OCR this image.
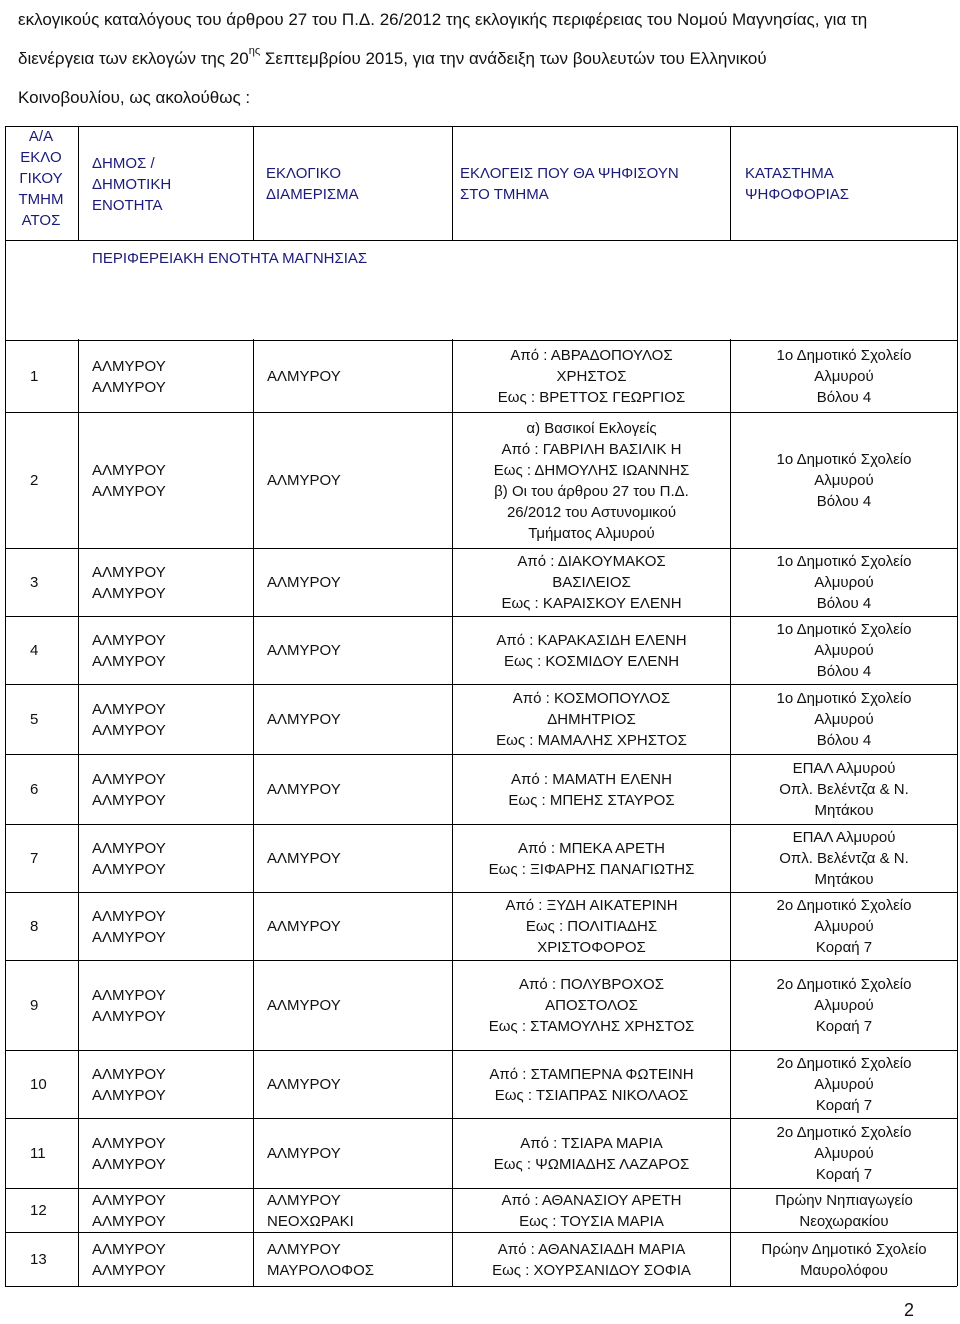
εκλογικούς καταλόγους του άρθρου 27 του Π.Δ. 26/2012 της εκλογικής περιφέρειας του Νομού Μαγνησίας, για τη
διενέργεια των εκλογών της $20^{\eta\varsigma}$ Σεπτεμβρίου 2015, για την ανάδειξη των βουλευτών του Ελληνικού
Κοινοβουλίου, ως ακολούθως :
1
ΑΛΜΥΡΟΥ
ΑΛΜΥΡΟΥ
ΑΛΜΥΡΟΥ
Από : ΑΒΡΑΔΟΠΟΥΛΟΣ
ΧΡΗΣΤΟΣ
Εως : ΒΡΕΤΤΟΣ ΓΕΩΡΓΙΟΣ
1ο Δημοτικό Σχολείο
Αλμυρού
Βόλου 4
2
ΑΛΜΥΡΟΥ
ΑΛΜΥΡΟΥ
ΑΛΜΥΡΟΥ
α) Βασικοί Εκλογείς
Από : ΓΑΒΡΙΛΗ ΒΑΣΙΛΙΚ Η
Εως : ΔΗΜΟΥΛΗΣ ΙΩΑΝΝΗΣ
β) Οι του άρθρου 27 του Π.Δ.
26/2012 του Αστυνομικού
Τμήματος Αλμυρού
1ο Δημοτικό Σχολείο
Αλμυρού
Βόλου 4
3
ΑΛΜΥΡΟΥ
ΑΛΜΥΡΟΥ
ΑΛΜΥΡΟΥ
Από : ΔΙΑΚΟΥΜΑΚΟΣ
ΒΑΣΙΛΕΙΟΣ
Εως : ΚΑΡΑΙΣΚΟΥ ΕΛΕΝΗ
1ο Δημοτικό Σχολείο
Αλμυρού
Βόλου 4
4
ΑΛΜΥΡΟΥ
ΑΛΜΥΡΟΥ
ΑΛΜΥΡΟΥ
Από : ΚΑΡΑΚΑΣΙΔΗ ΕΛΕΝΗ
Εως : ΚΟΣΜΙΔΟΥ ΕΛΕΝΗ
1ο Δημοτικό Σχολείο
Αλμυρού
Βόλου 4
5
ΑΛΜΥΡΟΥ
ΑΛΜΥΡΟΥ
ΑΛΜΥΡΟΥ
Από : ΚΟΣΜΟΠΟΥΛΟΣ
ΔΗΜΗΤΡΙΟΣ
Εως : ΜΑΜΑΛΗΣ ΧΡΗΣΤΟΣ
1ο Δημοτικό Σχολείο
Αλμυρού
Βόλου 4
6
ΑΛΜΥΡΟΥ
ΑΛΜΥΡΟΥ
ΑΛΜΥΡΟΥ
Από : ΜΑΜΑΤΗ ΕΛΕΝΗ
Εως : ΜΠΕΗΣ ΣΤΑΥΡΟΣ
ΕΠΑΛ Αλμυρού
Οπλ. Βελέντζα & Ν.
Μητάκου
7
ΑΛΜΥΡΟΥ
ΑΛΜΥΡΟΥ
ΑΛΜΥΡΟΥ
Από : ΜΠΕΚΑ ΑΡΕΤΗ
Εως : ΞΙΦΑΡΗΣ ΠΑΝΑΓΙΩΤΗΣ
ΕΠΑΛ Αλμυρού
Οπλ. Βελέντζα & Ν.
Μητάκου
8
ΑΛΜΥΡΟΥ
ΑΛΜΥΡΟΥ
ΑΛΜΥΡΟΥ
Από : ΞΥΔΗ ΑΙΚΑΤΕΡΙΝΗ
Εως : ΠΟΛΙΤΙΑΔΗΣ
ΧΡΙΣΤΟΦΟΡΟΣ
2ο Δημοτικό Σχολείο
Αλμυρού
Κοραή 7
9
ΑΛΜΥΡΟΥ
ΑΛΜΥΡΟΥ
ΑΛΜΥΡΟΥ
Από : ΠΟΛΥΒΡΟΧΟΣ
ΑΠΟΣΤΟΛΟΣ
Εως : ΣΤΑΜΟΥΛΗΣ ΧΡΗΣΤΟΣ
2ο Δημοτικό Σχολείο
Αλμυρού
Κοραή 7
10
ΑΛΜΥΡΟΥ
ΑΛΜΥΡΟΥ
ΑΛΜΥΡΟΥ
Από : ΣΤΑΜΠΕΡΝΑ ΦΩΤΕΙΝΗ
Εως : ΤΣΙΑΠΡΑΣ ΝΙΚΟΛΑΟΣ
2ο Δημοτικό Σχολείο
Αλμυρού
Κοραή 7
11
ΑΛΜΥΡΟΥ
ΑΛΜΥΡΟΥ
ΑΛΜΥΡΟΥ
Από : ΤΣΙΑΡΑ ΜΑΡΙΑ
Εως : ΨΩΜΙΑΔΗΣ ΛΑΖΑΡΟΣ
2ο Δημοτικό Σχολείο
Αλμυρού
Κοραή 7
12
ΑΛΜΥΡΟΥ
ΑΛΜΥΡΟΥ
ΑΛΜΥΡΟΥ
ΝΕΟΧΩΡΑΚΙ
Από : ΑΘΑΝΑΣΙΟΥ ΑΡΕΤΗ
Εως : ΤΟΥΣΙΑ ΜΑΡΙΑ
Πρώην Νηπιαγωγείο
Νεοχωρακίου
13
ΑΛΜΥΡΟΥ
ΑΛΜΥΡΟΥ
ΑΛΜΥΡΟΥ
ΜΑΥΡΟΛΟΦΟΣ
Από : ΑΘΑΝΑΣΙΑΔΗ ΜΑΡΙΑ
Εως : ΧΟΥΡΣΑΝΙΔΟΥ ΣΟΦΙΑ
Πρώην Δημοτικό Σχολείο
Μαυρολόφου
Α/Α
ΕΚΛΟ
ΓΙΚΟΥ
ΤΜΗΜ
ΑΤΟΣ
ΔΗΜΟΣ /
ΔΗΜΟΤΙΚΗ
ΕΝΟΤΗΤΑ
ΕΚΛΟΓΙΚΟ
ΔΙΑΜΕΡΙΣΜΑ
ΕΚΛΟΓΕΙΣ ΠΟΥ ΘΑ ΨΗΦΙΣΟΥΝ
ΣΤΟ ΤΜΗΜΑ
ΚΑΤΑΣΤΗΜΑ
ΨΗΦΟΦΟΡΙΑΣ
ΠΕΡΙΦΕΡΕΙΑΚΗ ΕΝΟΤΗΤΑ ΜΑΓΝΗΣΙΑΣ
2
